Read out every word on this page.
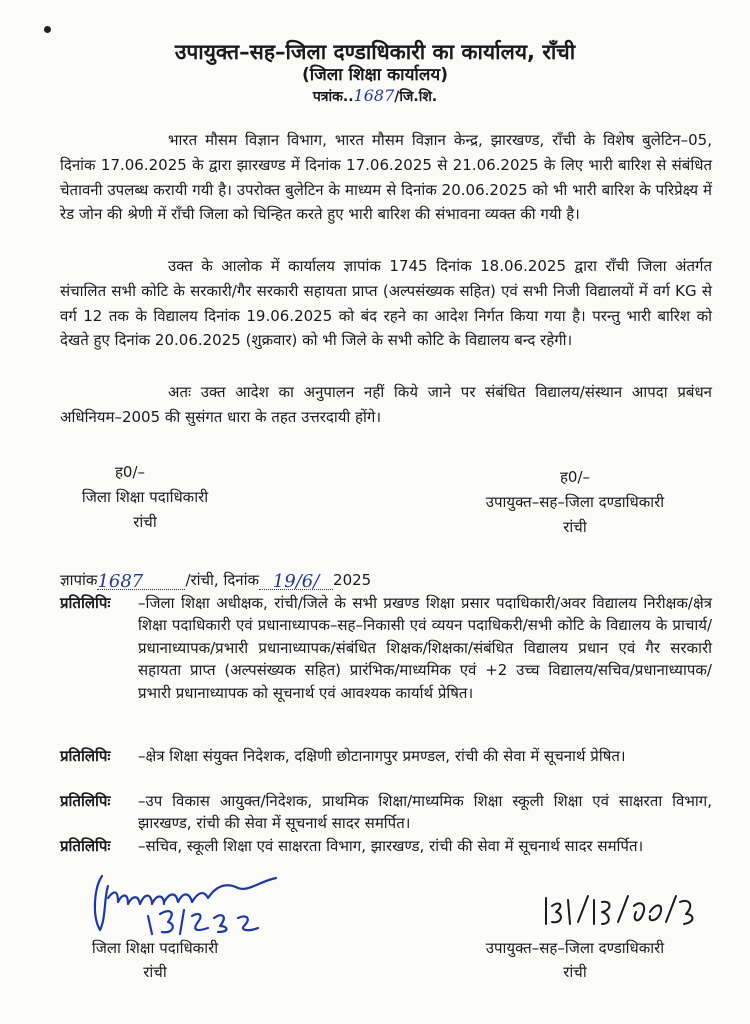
उपायुक्त–सह–जिला दण्डाधिकारी का कार्यालय, राँची
(जिला शिक्षा कार्यालय)
पत्रांक..1687/जि.शि.
भारत मौसम विज्ञान विभाग, भारत मौसम विज्ञान केन्द्र, झारखण्ड, राँची के विशेष बुलेटिन–05, दिनांक 17.06.2025 के द्वारा झारखण्ड में दिनांक 17.06.2025 से 21.06.2025 के लिए भारी बारिश से संबंधित चेतावनी उपलब्ध करायी गयी है। उपरोक्त बुलेटिन के माध्यम से दिनांक 20.06.2025 को भी भारी बारिश के परिप्रेक्ष्य में रेड जोन की श्रेणी में राँची जिला को चिन्हित करते हुए भारी बारिश की संभावना व्यक्त की गयी है।
उक्त के आलोक में कार्यालय ज्ञापांक 1745 दिनांक 18.06.2025 द्वारा राँची जिला अंतर्गत संचालित सभी कोटि के सरकारी/गैर सरकारी सहायता प्राप्त (अल्पसंख्यक सहित) एवं सभी निजी विद्यालयों में वर्ग KG से वर्ग 12 तक के विद्यालय दिनांक 19.06.2025 को बंद रहने का आदेश निर्गत किया गया है। परन्तु भारी बारिश को देखते हुए दिनांक 20.06.2025 (शुक्रवार) को भी जिले के सभी कोटि के विद्यालय बन्द रहेगी।
अतः उक्त आदेश का अनुपालन नहीं किये जाने पर संबंधित विद्यालय/संस्थान आपदा प्रबंधन अधिनियम–2005 की सुसंगत धारा के तहत उत्तरदायी होंगे।
ह0/–
जिला शिक्षा पदाधिकारी
रांची
ह0/–
उपायुक्त–सह–जिला दण्डाधिकारी
रांची
ज्ञापांक1687	/रांची, दिनांक 19/6/ 2025
प्रतिलिपिः	–जिला शिक्षा अधीक्षक, रांची/जिले के सभी प्रखण्ड शिक्षा प्रसार पदाधिकारी/अवर विद्यालय निरीक्षक/क्षेत्र शिक्षा पदाधिकारी एवं प्रधानाध्यापक–सह–निकासी एवं व्ययन पदाधिकरी/सभी कोटि के विद्यालय के प्राचार्य/प्रधानाध्यापक/प्रभारी प्रधानाध्यापक/संबंधित शिक्षक/शिक्षका/संबंधित विद्यालय प्रधान एवं गैर सरकारी सहायता प्राप्त (अल्पसंख्यक सहित) प्रारंभिक/माध्यमिक एवं +2 उच्च विद्यालय/सचिव/प्रधानाध्यापक/प्रभारी प्रधानाध्यापक को सूचनार्थ एवं आवश्यक कार्यार्थ प्रेषित।
प्रतिलिपिः	–क्षेत्र शिक्षा संयुक्त निदेशक, दक्षिणी छोटानागपुर प्रमण्डल, रांची की सेवा में सूचनार्थ प्रेषित।
प्रतिलिपिः	–उप विकास आयुक्त/निदेशक, प्राथमिक शिक्षा/माध्यमिक शिक्षा स्कूली शिक्षा एवं साक्षरता विभाग, झारखण्ड, रांची की सेवा में सूचनार्थ सादर समर्पित।
प्रतिलिपिः	–सचिव, स्कूली शिक्षा एवं साक्षरता विभाग, झारखण्ड, रांची की सेवा में सूचनार्थ सादर समर्पित।
जिला शिक्षा पदाधिकारी
रांची
उपायुक्त–सह–जिला दण्डाधिकारी
रांची
